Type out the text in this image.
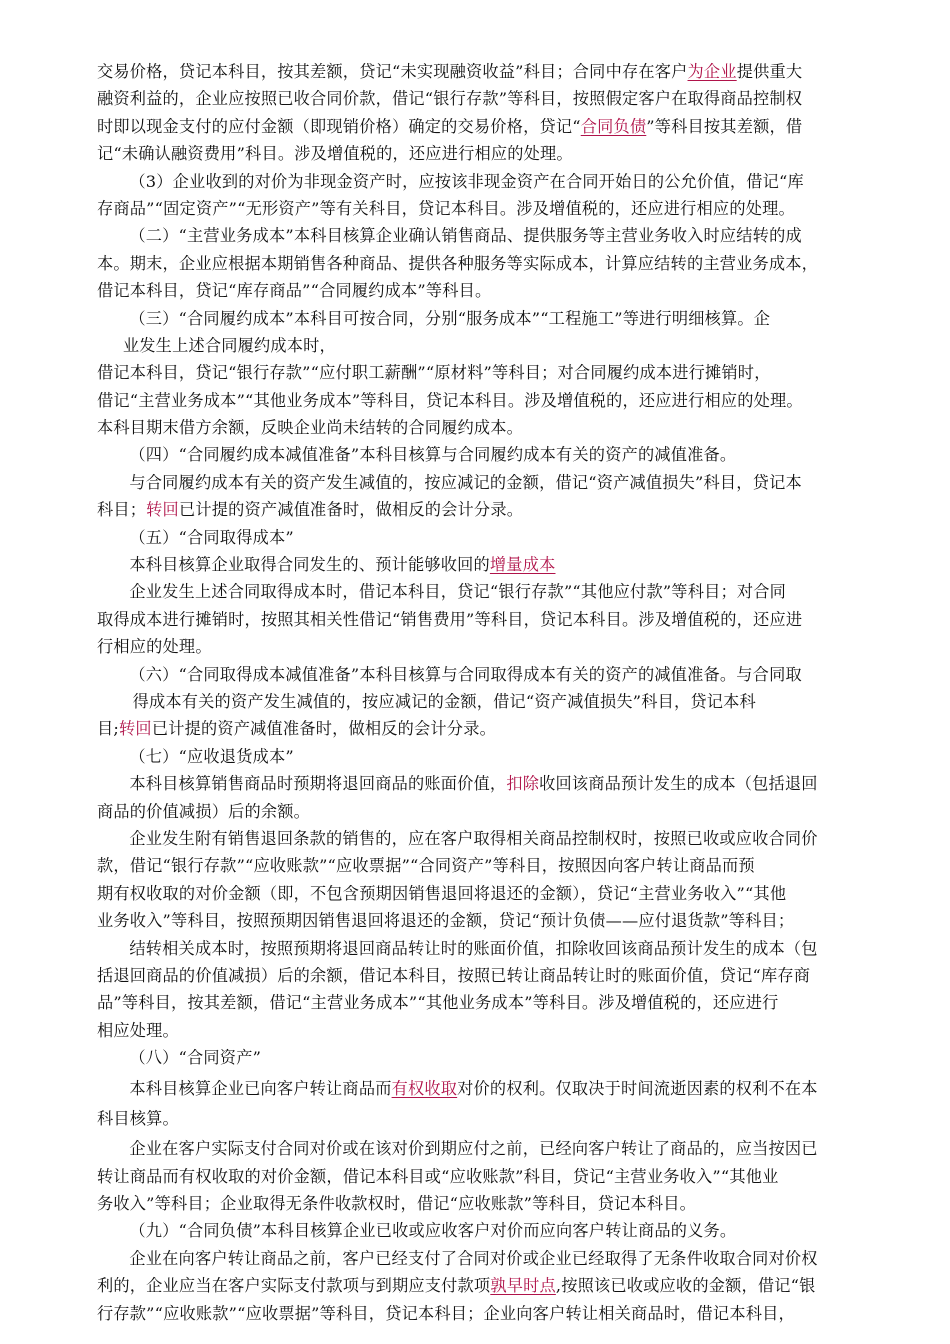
交易价格，贷记本科目，按其差额，贷记“未实现融资收益”科目；合同中存在客户为企业提供重大
融资利益的，企业应按照已收合同价款，借记“银行存款”等科目，按照假定客户在取得商品控制权
时即以现金支付的应付金额（即现销价格）确定的交易价格，贷记“合同负债”等科目按其差额，借
记“未确认融资费用”科目。涉及增值税的，还应进行相应的处理。
（3）企业收到的对价为非现金资产时，应按该非现金资产在合同开始日的公允价值，借记“库
存商品”“固定资产”“无形资产”等有关科目，贷记本科目。涉及增值税的，还应进行相应的处理。
（二）“主营业务成本”本科目核算企业确认销售商品、提供服务等主营业务收入时应结转的成
本。期末，企业应根据本期销售各种商品、提供各种服务等实际成本，计算应结转的主营业务成本，
借记本科目，贷记“库存商品”“合同履约成本”等科目。
（三）“合同履约成本”本科目可按合同，分别“服务成本”“工程施工”等进行明细核算。企
业发生上述合同履约成本时，
借记本科目，贷记“银行存款”“应付职工薪酬”“原材料”等科目；对合同履约成本进行摊销时，
借记“主营业务成本”“其他业务成本”等科目，贷记本科目。涉及增值税的，还应进行相应的处理。
本科目期末借方余额，反映企业尚未结转的合同履约成本。
（四）“合同履约成本减值准备”本科目核算与合同履约成本有关的资产的减值准备。
与合同履约成本有关的资产发生减值的，按应减记的金额，借记“资产减值损失”科目，贷记本
科目；转回已计提的资产减值准备时，做相反的会计分录。
（五）“合同取得成本”
本科目核算企业取得合同发生的、预计能够收回的增量成本
企业发生上述合同取得成本时，借记本科目，贷记“银行存款”“其他应付款”等科目；对合同
取得成本进行摊销时，按照其相关性借记“销售费用”等科目，贷记本科目。涉及增值税的，还应进
行相应的处理。
（六）“合同取得成本减值准备”本科目核算与合同取得成本有关的资产的减值准备。与合同取
得成本有关的资产发生减值的，按应减记的金额，借记“资产减值损失”科目，贷记本科
目;转回已计提的资产减值准备时，做相反的会计分录。
（七）“应收退货成本”
本科目核算销售商品时预期将退回商品的账面价值，扣除收回该商品预计发生的成本（包括退回
商品的价值减损）后的余额。
企业发生附有销售退回条款的销售的，应在客户取得相关商品控制权时，按照已收或应收合同价
款，借记“银行存款”“应收账款”“应收票据”“合同资产”等科目，按照因向客户转让商品而预
期有权收取的对价金额（即，不包含预期因销售退回将退还的金额），贷记“主营业务收入”“其他
业务收入”等科目，按照预期因销售退回将退还的金额，贷记“预计负债——应付退货款”等科目；
结转相关成本时，按照预期将退回商品转让时的账面价值，扣除收回该商品预计发生的成本（包
括退回商品的价值减损）后的余额，借记本科目，按照已转让商品转让时的账面价值，贷记“库存商
品”等科目，按其差额，借记“主营业务成本”“其他业务成本”等科目。涉及增值税的，还应进行
相应处理。
（八）“合同资产”
本科目核算企业已向客户转让商品而有权收取对价的权利。仅取决于时间流逝因素的权利不在本
科目核算。
企业在客户实际支付合同对价或在该对价到期应付之前，已经向客户转让了商品的，应当按因已
转让商品而有权收取的对价金额，借记本科目或“应收账款”科目，贷记“主营业务收入”“其他业
务收入”等科目；企业取得无条件收款权时，借记“应收账款”等科目，贷记本科目。
（九）“合同负债”本科目核算企业已收或应收客户对价而应向客户转让商品的义务。
企业在向客户转让商品之前，客户已经支付了合同对价或企业已经取得了无条件收取合同对价权
利的，企业应当在客户实际支付款项与到期应支付款项孰早时点,按照该已收或应收的金额，借记“银
行存款”“应收账款”“应收票据”等科目，贷记本科目；企业向客户转让相关商品时，借记本科目，
